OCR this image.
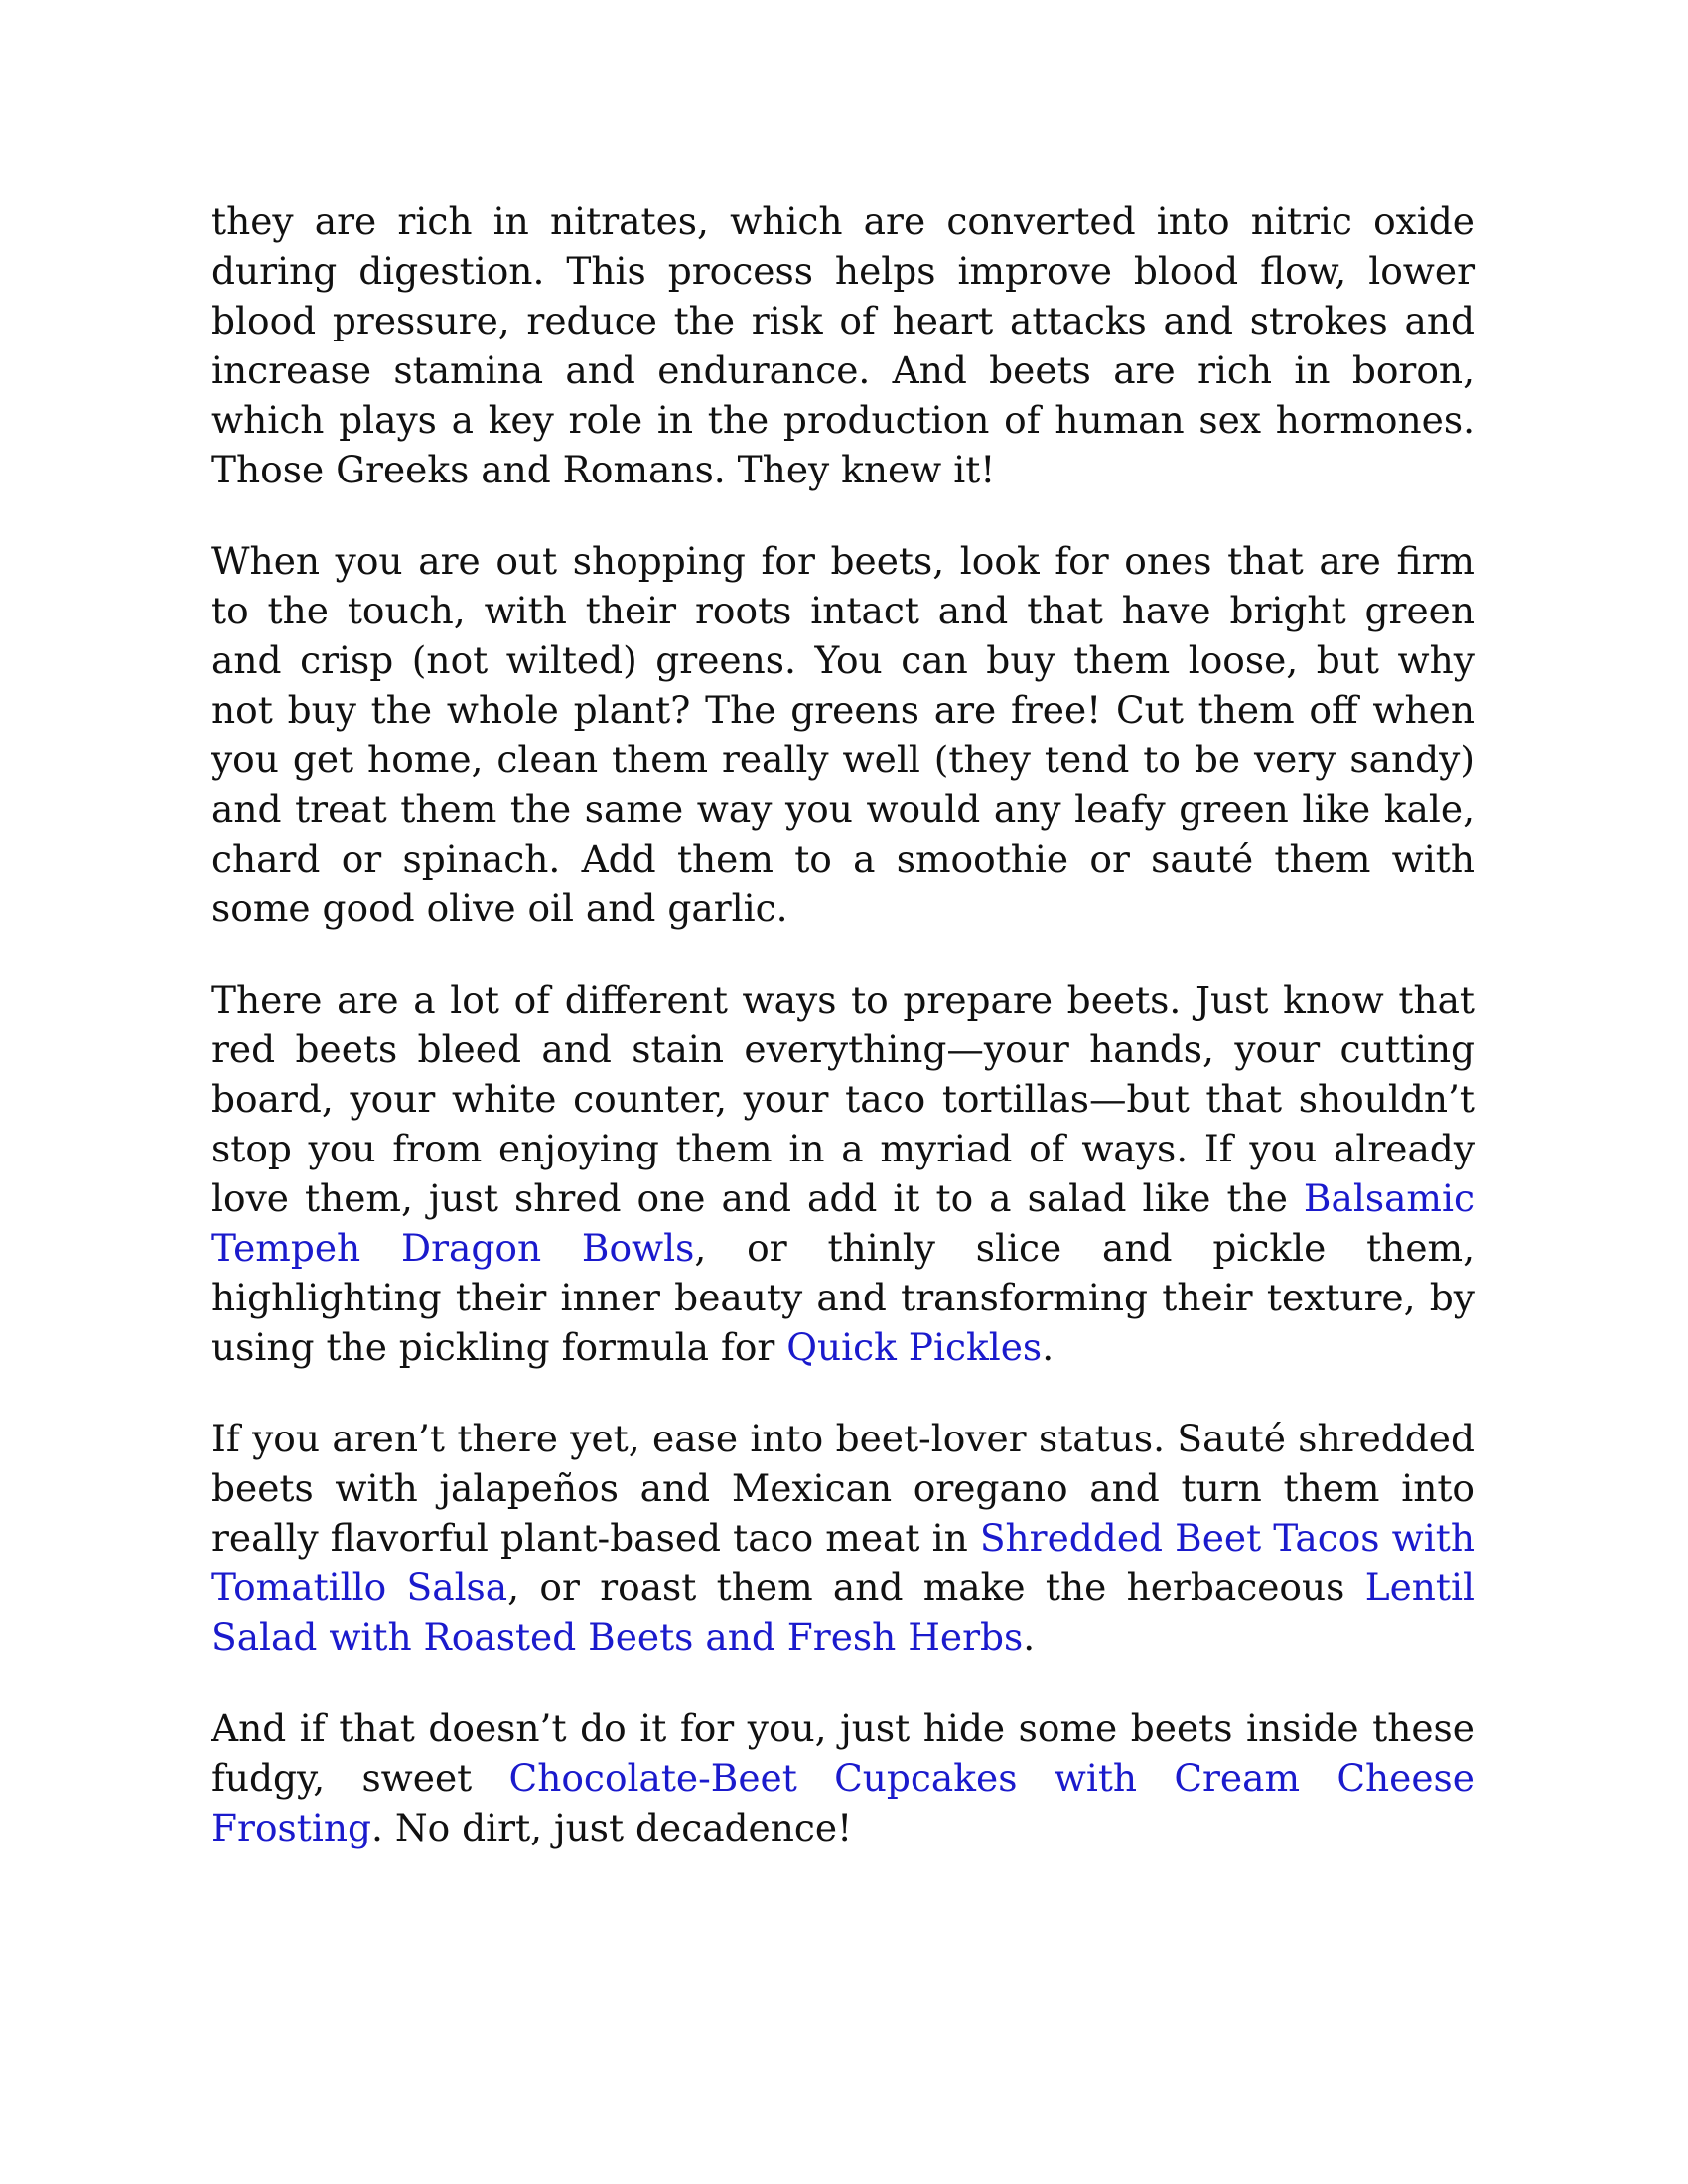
they are rich in nitrates, which are converted into nitric oxide during digestion. This process helps improve blood flow, lower blood pressure, reduce the risk of heart attacks and strokes and increase stamina and endurance. And beets are rich in boron, which plays a key role in the production of human sex hormones. Those Greeks and Romans. They knew it!

When you are out shopping for beets, look for ones that are firm to the touch, with their roots intact and that have bright green and crisp (not wilted) greens. You can buy them loose, but why not buy the whole plant? The greens are free! Cut them off when you get home, clean them really well (they tend to be very sandy) and treat them the same way you would any leafy green like kale, chard or spinach. Add them to a smoothie or sauté them with some good olive oil and garlic.

There are a lot of different ways to prepare beets. Just know that red beets bleed and stain everything—your hands, your cutting board, your white counter, your taco tortillas—but that shouldn’t stop you from enjoying them in a myriad of ways. If you already love them, just shred one and add it to a salad like the Balsamic Tempeh Dragon Bowls, or thinly slice and pickle them, highlighting their inner beauty and transforming their texture, by using the pickling formula for Quick Pickles.

If you aren’t there yet, ease into beet-lover status. Sauté shredded beets with jalapeños and Mexican oregano and turn them into really flavorful plant-based taco meat in Shredded Beet Tacos with Tomatillo Salsa, or roast them and make the herbaceous Lentil Salad with Roasted Beets and Fresh Herbs.

And if that doesn’t do it for you, just hide some beets inside these fudgy, sweet Chocolate-Beet Cupcakes with Cream Cheese Frosting. No dirt, just decadence!
